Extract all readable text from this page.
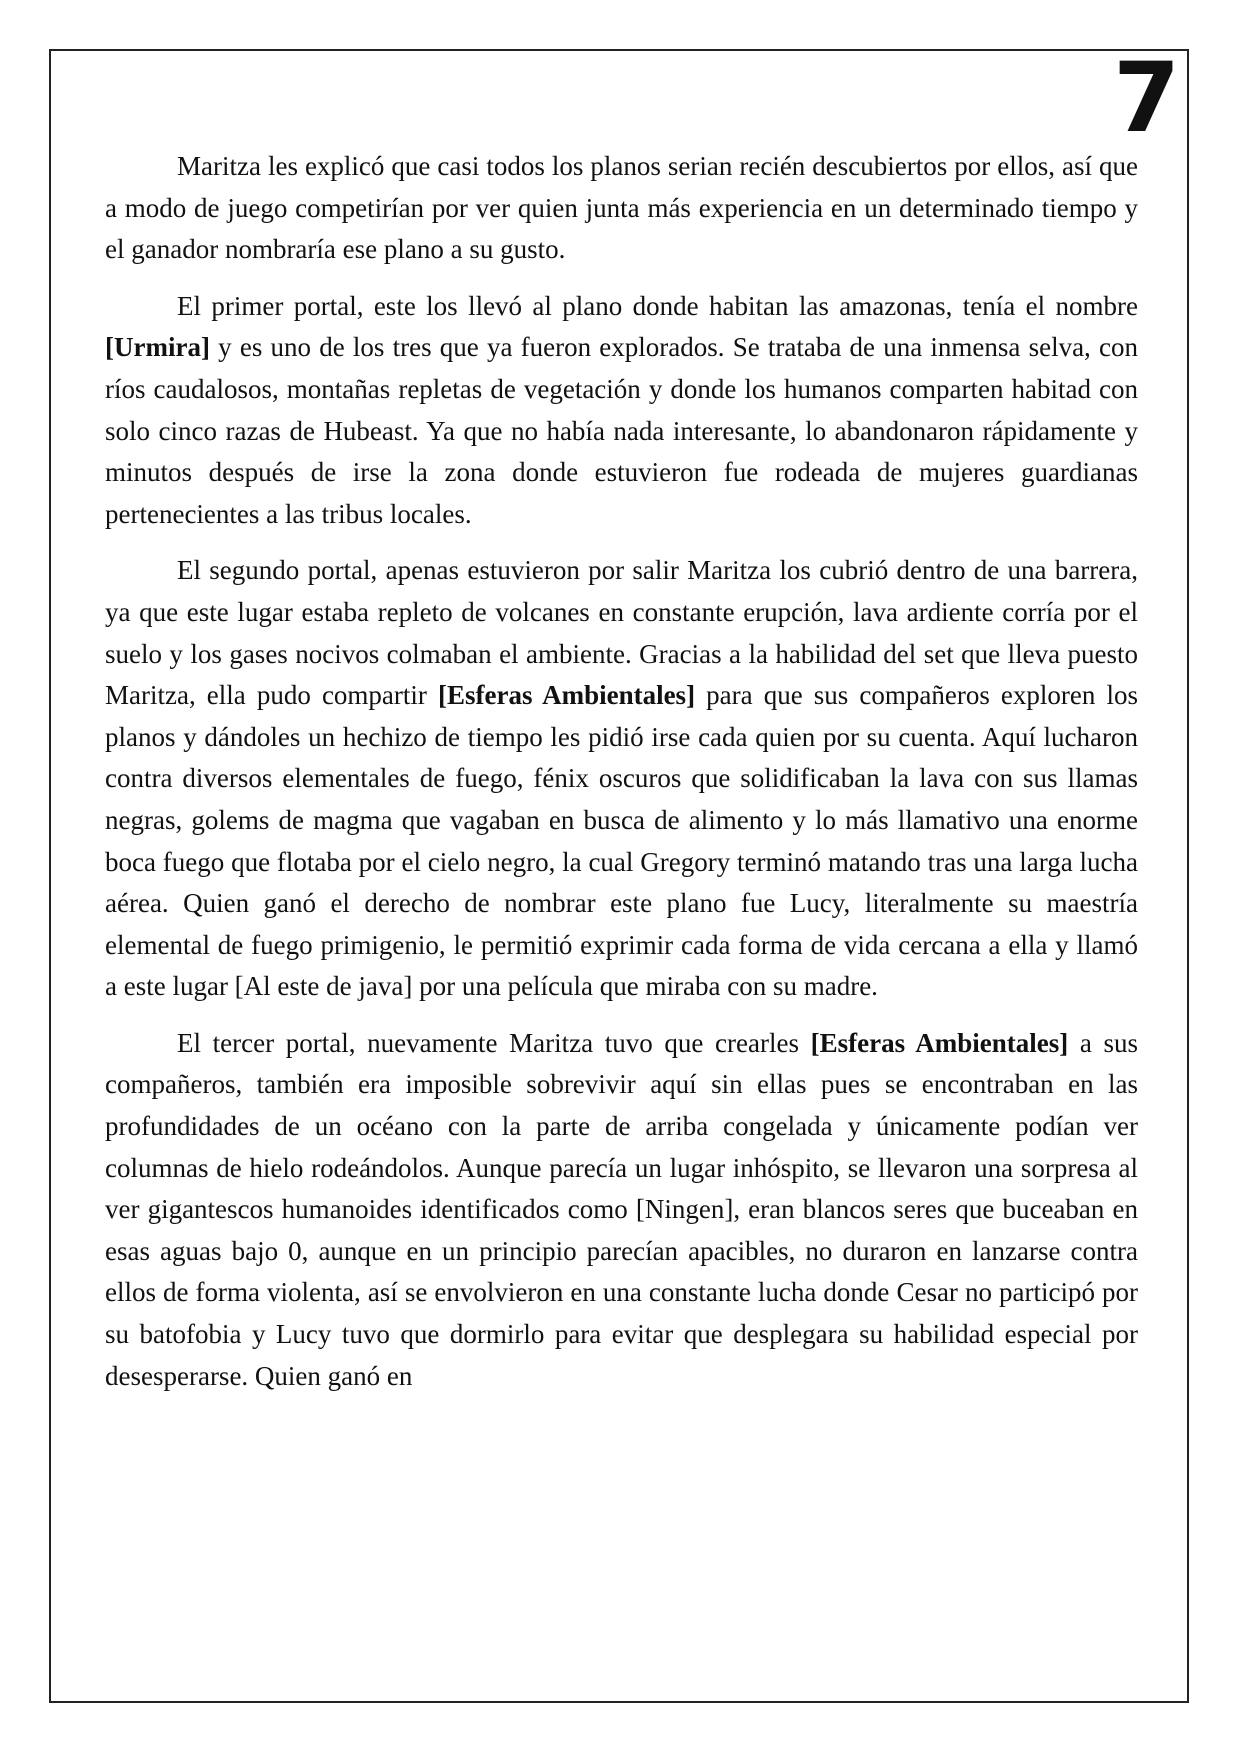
7

Maritza les explicó que casi todos los planos serian recién descubiertos por ellos, así que a modo de juego competirían por ver quien junta más experiencia en un determinado tiempo y el ganador nombraría ese plano a su gusto.

El primer portal, este los llevó al plano donde habitan las amazonas, tenía el nombre [Urmira] y es uno de los tres que ya fueron explorados. Se trataba de una inmensa selva, con ríos caudalosos, montañas repletas de vegetación y donde los humanos comparten habitad con solo cinco razas de Hubeast. Ya que no había nada interesante, lo abandonaron rápidamente y minutos después de irse la zona donde estuvieron fue rodeada de mujeres guardianas pertenecientes a las tribus locales.

El segundo portal, apenas estuvieron por salir Maritza los cubrió dentro de una barrera, ya que este lugar estaba repleto de volcanes en constante erupción, lava ardiente corría por el suelo y los gases nocivos colmaban el ambiente. Gracias a la habilidad del set que lleva puesto Maritza, ella pudo compartir [Esferas Ambientales] para que sus compañeros exploren los planos y dándoles un hechizo de tiempo les pidió irse cada quien por su cuenta. Aquí lucharon contra diversos elementales de fuego, fénix oscuros que solidificaban la lava con sus llamas negras, golems de magma que vagaban en busca de alimento y lo más llamativo una enorme boca fuego que flotaba por el cielo negro, la cual Gregory terminó matando tras una larga lucha aérea. Quien ganó el derecho de nombrar este plano fue Lucy, literalmente su maestría elemental de fuego primigenio, le permitió exprimir cada forma de vida cercana a ella y llamó a este lugar [Al este de java] por una película que miraba con su madre.

El tercer portal, nuevamente Maritza tuvo que crearles [Esferas Ambientales] a sus compañeros, también era imposible sobrevivir aquí sin ellas pues se encontraban en las profundidades de un océano con la parte de arriba congelada y únicamente podían ver columnas de hielo rodeándolos. Aunque parecía un lugar inhóspito, se llevaron una sorpresa al ver gigantescos humanoides identificados como [Ningen], eran blancos seres que buceaban en esas aguas bajo 0, aunque en un principio parecían apacibles, no duraron en lanzarse contra ellos de forma violenta, así se envolvieron en una constante lucha donde Cesar no participó por su batofobia y Lucy tuvo que dormirlo para evitar que desplegara su habilidad especial por desesperarse. Quien ganó en
